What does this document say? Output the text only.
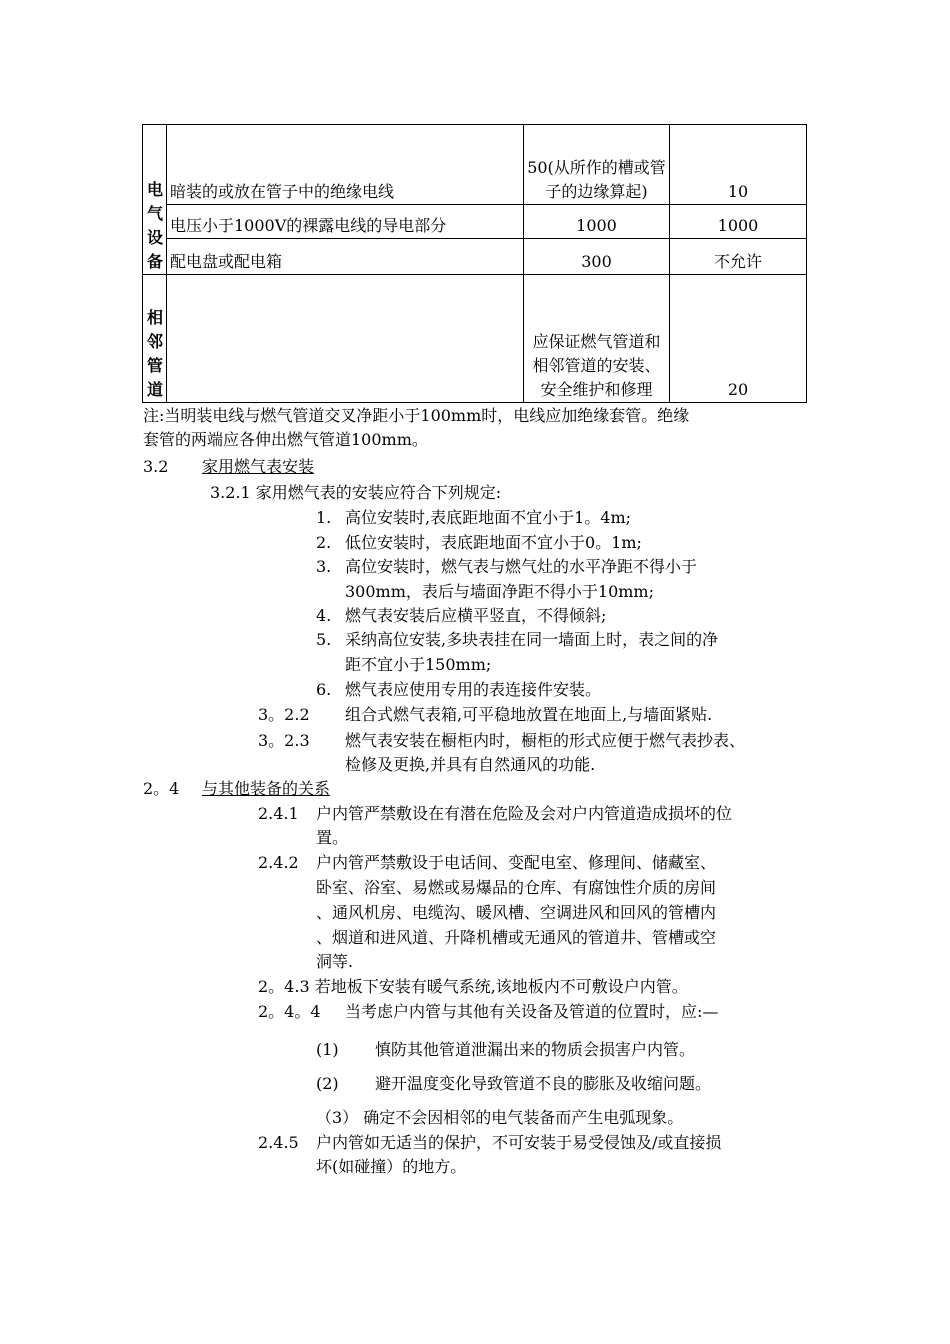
电气设备	暗装的或放在管子中的绝缘电线	50(从所作的槽或管子的边缘算起)	10
	电压小于1000V的裸露电线的导电部分	1000	1000
	配电盘或配电箱	300	不允许

相邻管道		应保证燃气管道和相邻管道的安装、安全维护和修理	20
注:当明装电线与燃气管道交叉净距小于100mm时，电线应加绝缘套管。绝缘
套管的两端应各伸出燃气管道100mm。
3.2 家用燃气表安装
3.2.1 家用燃气表的安装应符合下列规定:
1. 高位安装时,表底距地面不宜小于1。4m;
2. 低位安装时，表底距地面不宜小于0。1m;
3. 高位安装时，燃气表与燃气灶的水平净距不得小于
300mm，表后与墙面净距不得小于10mm;
4. 燃气表安装后应横平竖直，不得倾斜;
5. 采纳高位安装,多块表挂在同一墙面上时，表之间的净
距不宜小于150mm;
6. 燃气表应使用专用的表连接件安装。
3。2.2 组合式燃气表箱,可平稳地放置在地面上,与墙面紧贴.
3。2.3 燃气表安装在橱柜内时，橱柜的形式应便于燃气表抄表、
检修及更换,并具有自然通风的功能.
2。4 与其他装备的关系
2.4.1 户内管严禁敷设在有潜在危险及会对户内管道造成损坏的位
置。
2.4.2 户内管严禁敷设于电话间、变配电室、修理间、储藏室、
卧室、浴室、易燃或易爆品的仓库、有腐蚀性介质的房间
、通风机房、电缆沟、暖风槽、空调进风和回风的管槽内
、烟道和进风道、升降机槽或无通风的管道井、管槽或空
洞等.
2。4.3 若地板下安装有暖气系统,该地板内不可敷设户内管。
2。4。4 当考虑户内管与其他有关设备及管道的位置时，应:—
(1) 慎防其他管道泄漏出来的物质会损害户内管。
(2) 避开温度变化导致管道不良的膨胀及收缩问题。
（3） 确定不会因相邻的电气装备而产生电弧现象。
2.4.5 户内管如无适当的保护，不可安装于易受侵蚀及/或直接损
坏(如碰撞）的地方。
